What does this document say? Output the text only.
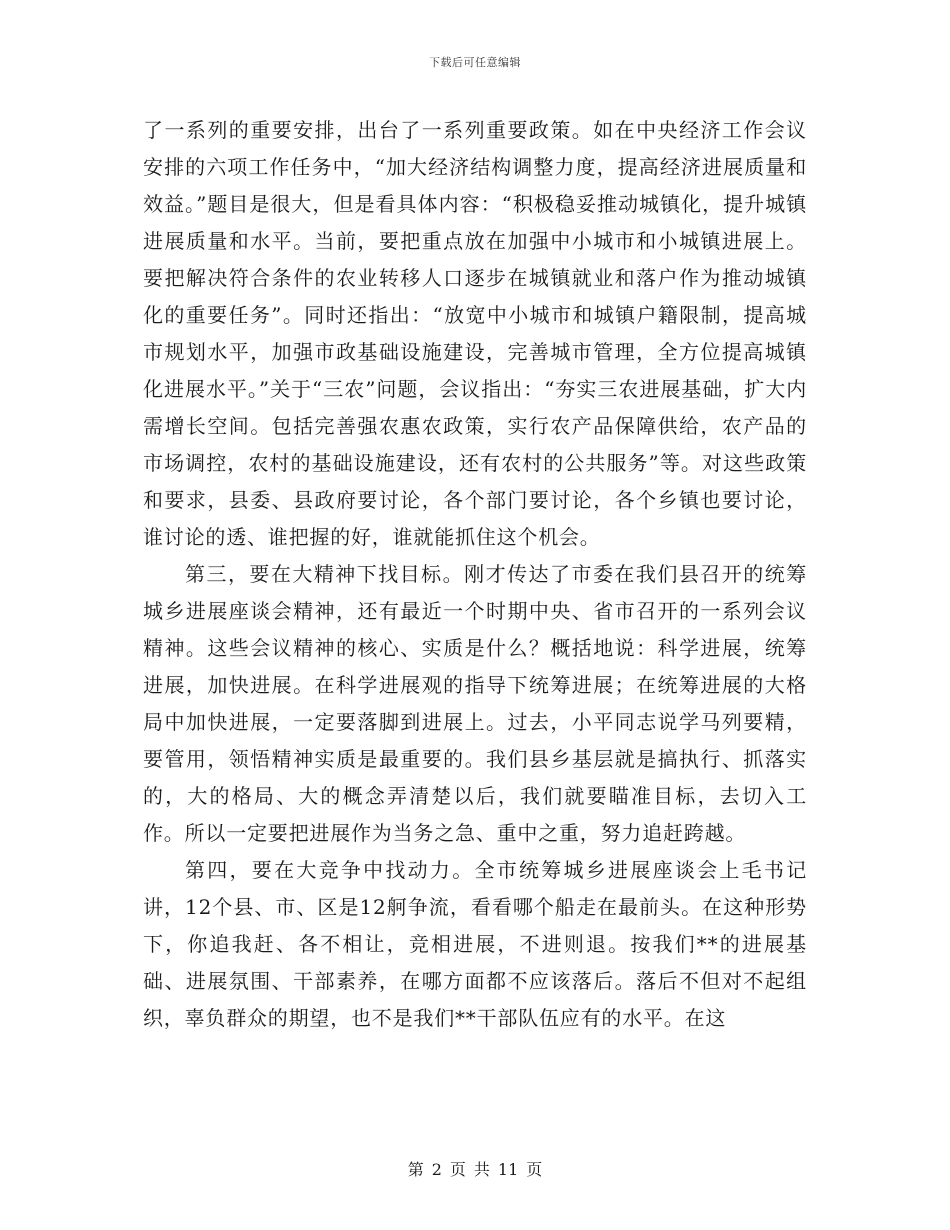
下载后可任意编辑

了一系列的重要安排，出台了一系列重要政策。如在中央经济工作会议安排的六项工作任务中，“加大经济结构调整力度，提高经济进展质量和效益。”题目是很大，但是看具体内容：“积极稳妥推动城镇化，提升城镇进展质量和水平。当前，要把重点放在加强中小城市和小城镇进展上。要把解决符合条件的农业转移人口逐步在城镇就业和落户作为推动城镇化的重要任务”。同时还指出：“放宽中小城市和城镇户籍限制，提高城市规划水平，加强市政基础设施建设，完善城市管理，全方位提高城镇化进展水平。”关于“三农”问题，会议指出：“夯实三农进展基础，扩大内需增长空间。包括完善强农惠农政策，实行农产品保障供给，农产品的市场调控，农村的基础设施建设，还有农村的公共服务”等。对这些政策和要求，县委、县政府要讨论，各个部门要讨论，各个乡镇也要讨论，谁讨论的透、谁把握的好，谁就能抓住这个机会。

第三，要在大精神下找目标。刚才传达了市委在我们县召开的统筹城乡进展座谈会精神，还有最近一个时期中央、省市召开的一系列会议精神。这些会议精神的核心、实质是什么？概括地说：科学进展，统筹进展，加快进展。在科学进展观的指导下统筹进展；在统筹进展的大格局中加快进展，一定要落脚到进展上。过去，小平同志说学马列要精，要管用，领悟精神实质是最重要的。我们县乡基层就是搞执行、抓落实的，大的格局、大的概念弄清楚以后，我们就要瞄准目标，去切入工作。所以一定要把进展作为当务之急、重中之重，努力追赶跨越。

第四，要在大竞争中找动力。全市统筹城乡进展座谈会上毛书记讲，12个县、市、区是12舸争流，看看哪个船走在最前头。在这种形势下，你追我赶、各不相让，竞相进展，不进则退。按我们**的进展基础、进展氛围、干部素养，在哪方面都不应该落后。落后不但对不起组织，辜负群众的期望，也不是我们**干部队伍应有的水平。在这

第 2 页 共 11 页
